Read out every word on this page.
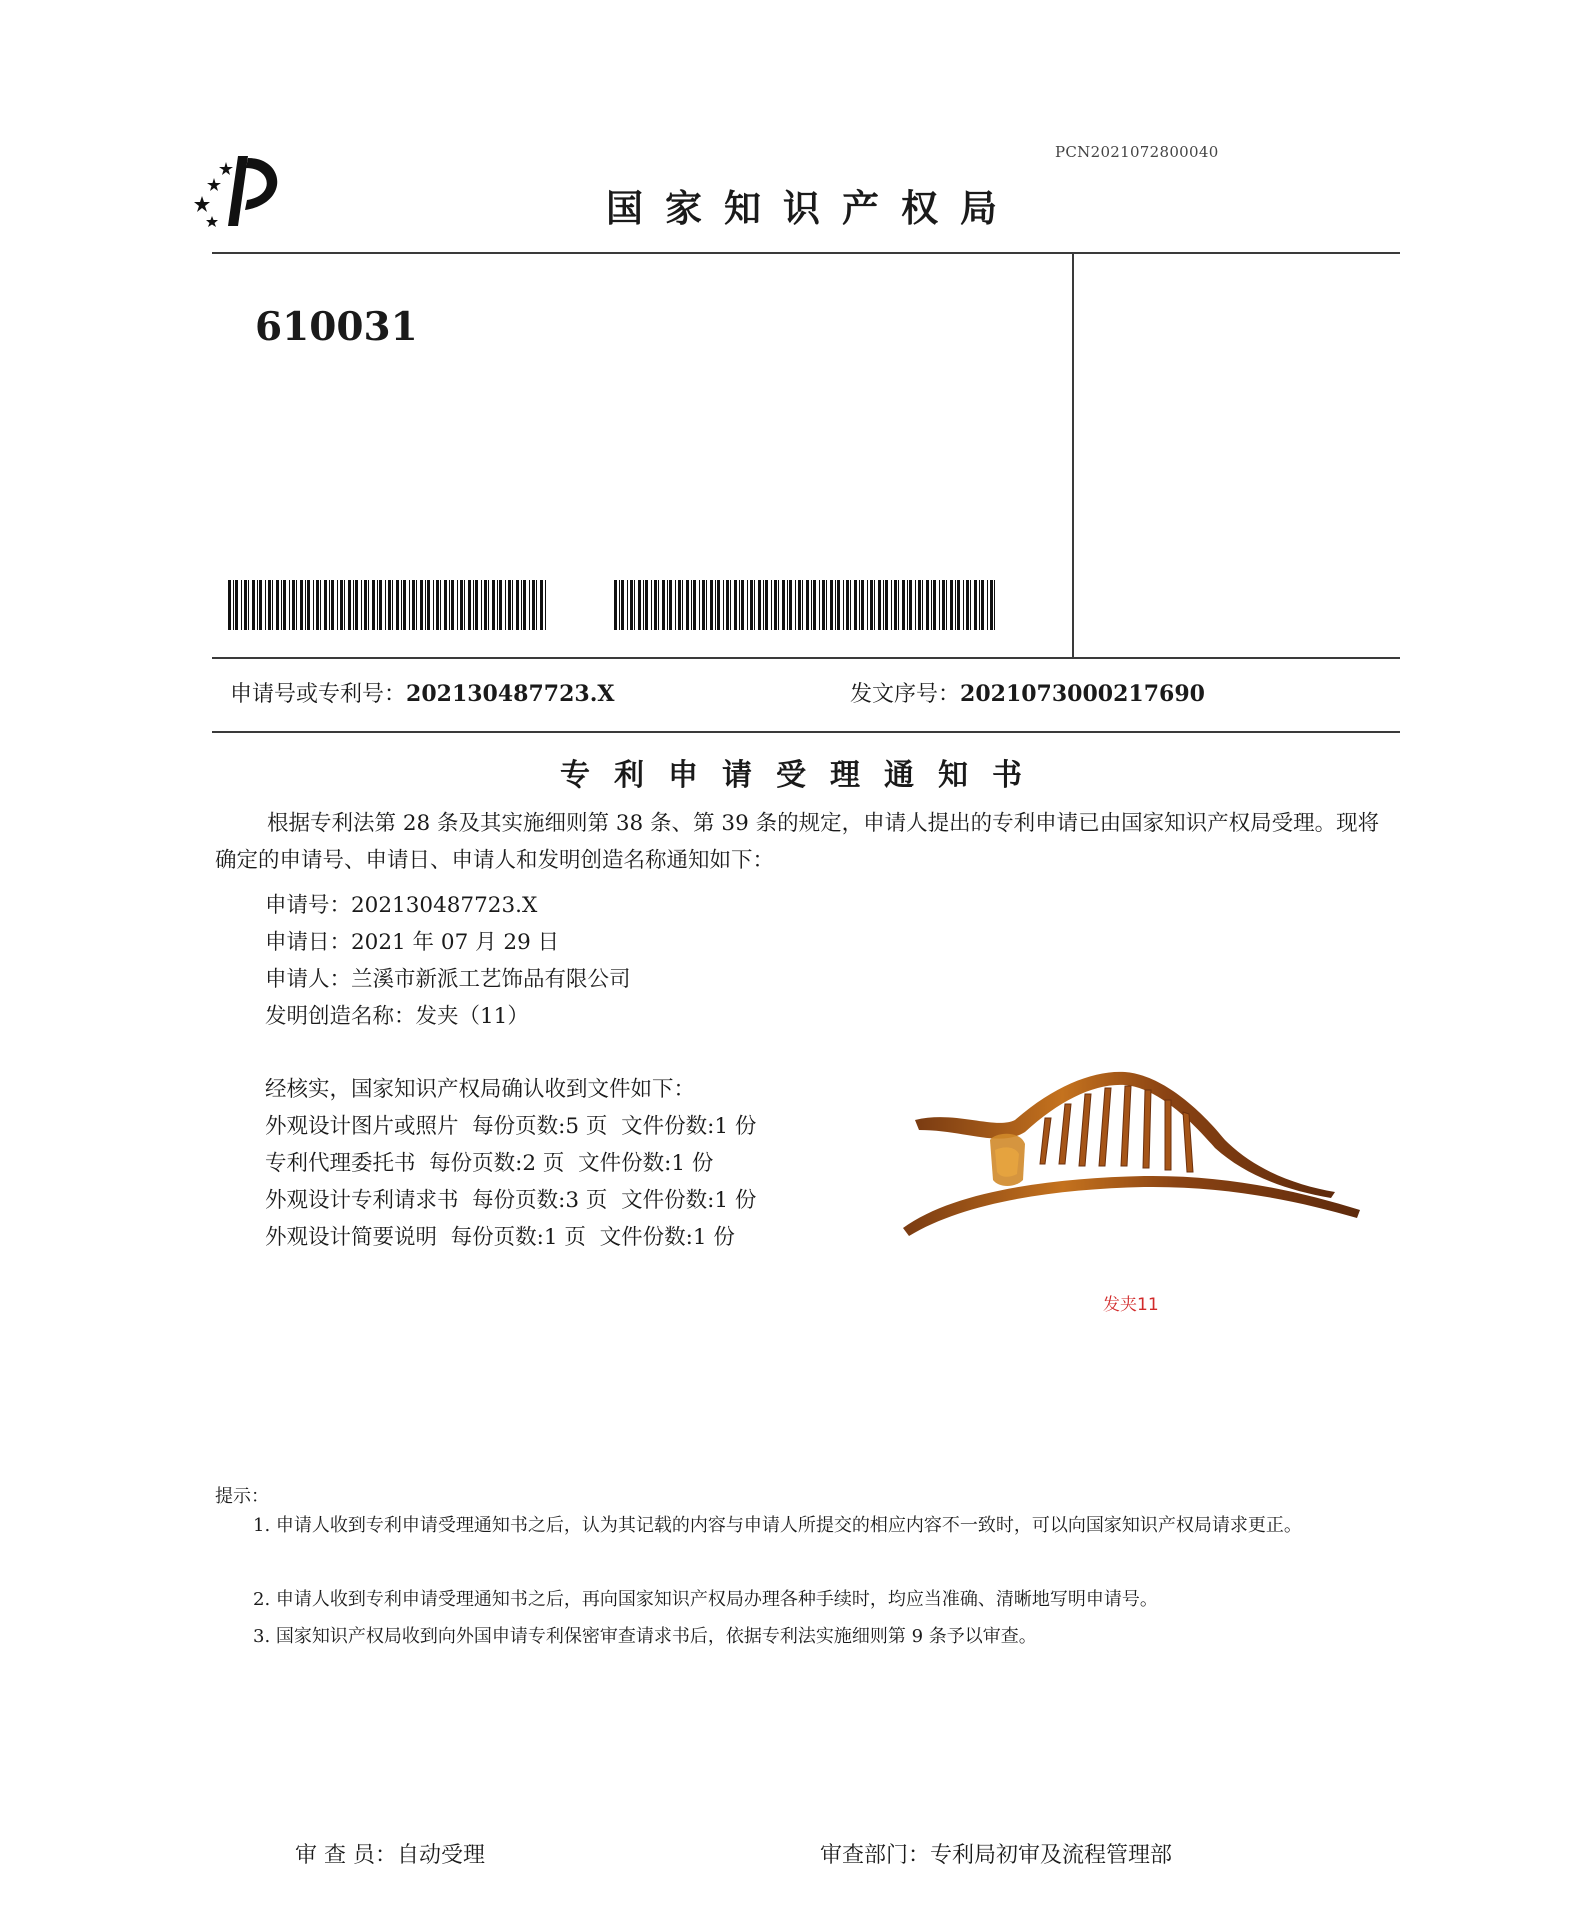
PCN2021072800040
国家知识产权局
610031
申请号或专利号：202130487723.X	发文序号：2021073000217690
专利申请受理通知书
根据专利法第 28 条及其实施细则第 38 条、第 39 条的规定，申请人提出的专利申请已由国家知识产权局受理。现将确定的申请号、申请日、申请人和发明创造名称通知如下：
申请号：202130487723.X
申请日：2021 年 07 月 29 日
申请人：兰溪市新派工艺饰品有限公司
发明创造名称：发夹（11）
经核实，国家知识产权局确认收到文件如下：
外观设计图片或照片  每份页数:5 页  文件份数:1 份
专利代理委托书  每份页数:2 页  文件份数:1 份
外观设计专利请求书  每份页数:3 页  文件份数:1 份
外观设计简要说明  每份页数:1 页  文件份数:1 份
发夹11
提示：
1. 申请人收到专利申请受理通知书之后，认为其记载的内容与申请人所提交的相应内容不一致时，可以向国家知识产权局请求更正。
2. 申请人收到专利申请受理通知书之后，再向国家知识产权局办理各种手续时，均应当准确、清晰地写明申请号。
3. 国家知识产权局收到向外国申请专利保密审查请求书后，依据专利法实施细则第 9 条予以审查。
审 查 员：自动受理	审查部门：专利局初审及流程管理部
